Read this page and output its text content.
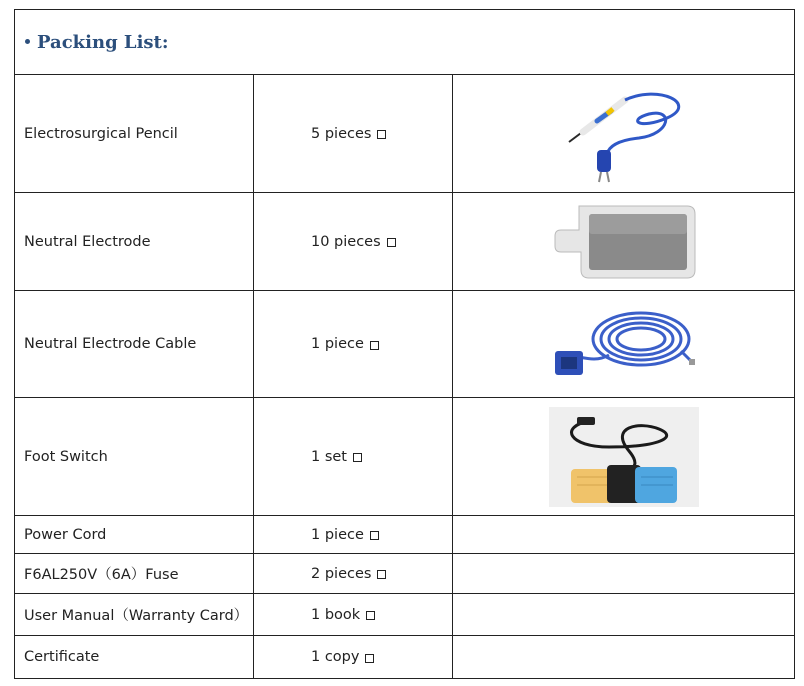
Packing List:
Electrosurgical Pencil	5 pieces
Neutral Electrode	10 pieces
Neutral Electrode Cable	1 piece
Foot Switch	1 set
Power Cord	1 piece
F6AL250V（6A）Fuse	2 pieces
User Manual（Warranty Card）	1 book
Certificate	1 copy
